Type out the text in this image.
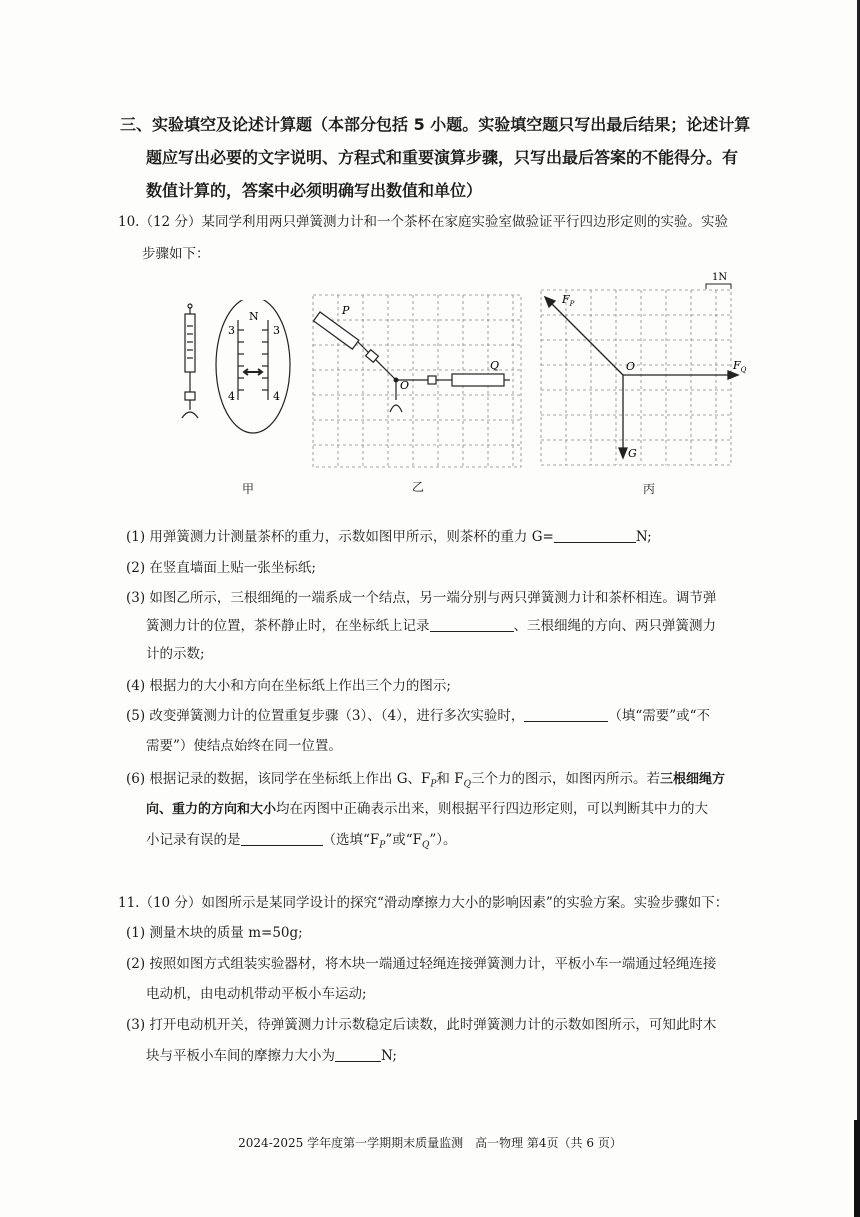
三、实验填空及论述计算题（本部分包括 5 小题。实验填空题只写出最后结果；论述计算
题应写出必要的文字说明、方程式和重要演算步骤，只写出最后答案的不能得分。有
数值计算的，答案中必须明确写出数值和单位）
10.（12 分）某同学利用两只弹簧测力计和一个茶杯在家庭实验室做验证平行四边形定则的实验。实验
步骤如下：
N
3	3
4	4
甲
P
Q
O
乙
1N
$F_P$
O	$F_Q$
G
丙
(1) 用弹簧测力计测量茶杯的重力，示数如图甲所示，则茶杯的重力 G=	N;
(2) 在竖直墙面上贴一张坐标纸;
(3) 如图乙所示，三根细绳的一端系成一个结点，另一端分别与两只弹簧测力计和茶杯相连。调节弹
簧测力计的位置，茶杯静止时，在坐标纸上记录	、三根细绳的方向、两只弹簧测力
计的示数;
(4) 根据力的大小和方向在坐标纸上作出三个力的图示;
(5) 改变弹簧测力计的位置重复步骤（3）、（4），进行多次实验时，	（填“需要”或“不
需要”）使结点始终在同一位置。
(6) 根据记录的数据，该同学在坐标纸上作出 G、$F_P$和 $F_Q$三个力的图示，如图丙所示。若三根细绳方
向、重力的方向和大小均在丙图中正确表示出来，则根据平行四边形定则，可以判断其中力的大
小记录有误的是	（选填“$F_P$”或“$F_Q$”）。
11.（10 分）如图所示是某同学设计的探究“滑动摩擦力大小的影响因素”的实验方案。实验步骤如下：
(1) 测量木块的质量 m=50g;
(2) 按照如图方式组装实验器材，将木块一端通过轻绳连接弹簧测力计，平板小车一端通过轻绳连接
电动机，由电动机带动平板小车运动;
(3) 打开电动机开关，待弹簧测力计示数稳定后读数，此时弹簧测力计的示数如图所示，可知此时木
块与平板小车间的摩擦力大小为	N;
2024-2025 学年度第一学期期末质量监测　高一物理 第4页（共 6 页）
